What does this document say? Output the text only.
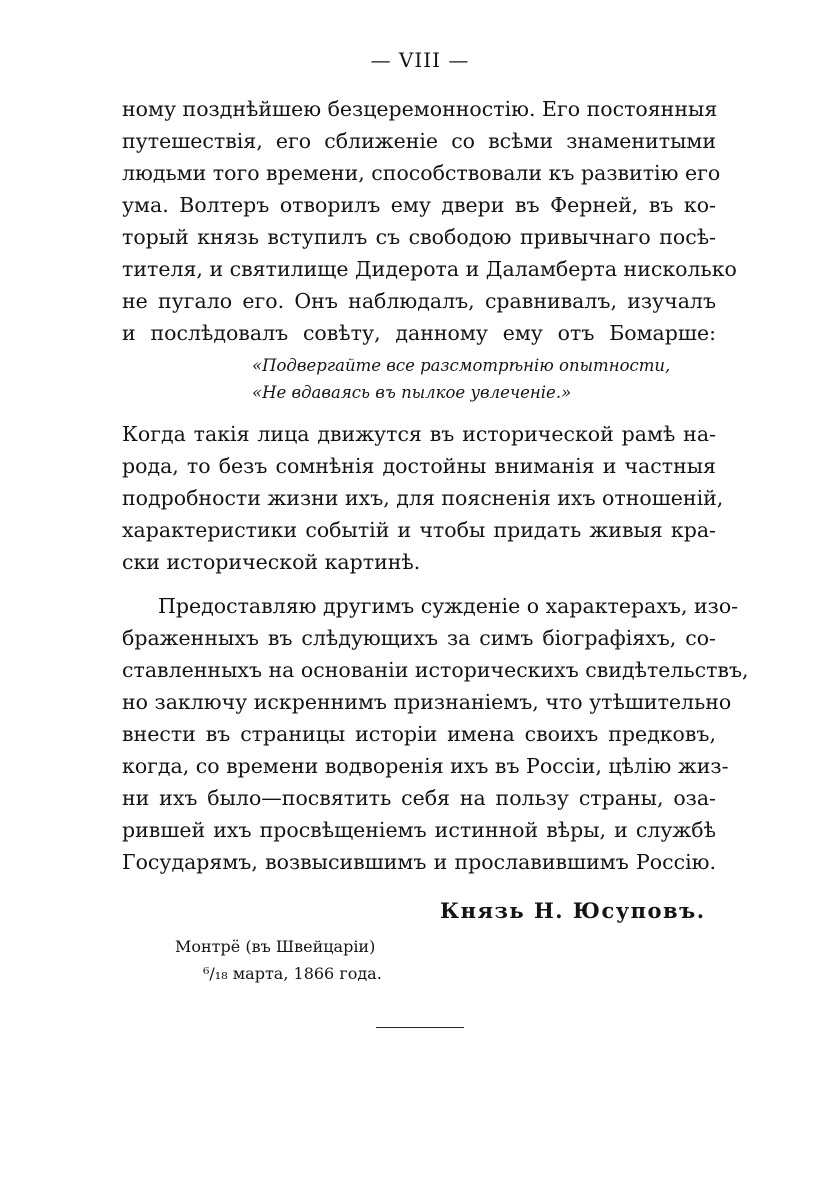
— VIII —
ному позднѣйшею безцеремонностію. Его постоянныя
путешествія, его сближеніе со всѣми знаменитыми
людьми того времени, способствовали къ развитію его
ума. Волтеръ отворилъ ему двери въ Ферней, въ ко-
торый князь вступилъ съ свободою привычнаго посѣ-
тителя, и святилище Дидерота и Даламберта нисколько
не пугало его. Онъ наблюдалъ, сравнивалъ, изучалъ
и послѣдовалъ совѣту, данному ему отъ Бомарше:
«Подвергайте все разсмотрѣнію опытности,
«Не вдаваясь въ пылкое увлеченіе.»
Когда такія лица движутся въ исторической рамѣ на-
рода, то безъ сомнѣнія достойны вниманія и частныя
подробности жизни ихъ, для поясненія ихъ отношеній,
характеристики событій и чтобы придать живыя кра-
ски исторической картинѣ.
Предоставляю другимъ сужденіе о характерахъ, изо-
браженныхъ въ слѣдующихъ за симъ біографіяхъ, со-
ставленныхъ на основаніи историческихъ свидѣтельствъ,
но заключу искреннимъ признаніемъ, что утѣшительно
внести въ страницы исторіи имена своихъ предковъ,
когда, со времени водворенія ихъ въ Россіи, цѣлію жиз-
ни ихъ было—посвятить себя на пользу страны, оза-
рившей ихъ просвѣщеніемъ истинной вѣры, и службѣ
Государямъ, возвысившимъ и прославившимъ Россію.
Князь Н. Юсуповъ.
Монтрё (въ Швейцаріи)
⁶/₁₈ марта, 1866 года.
